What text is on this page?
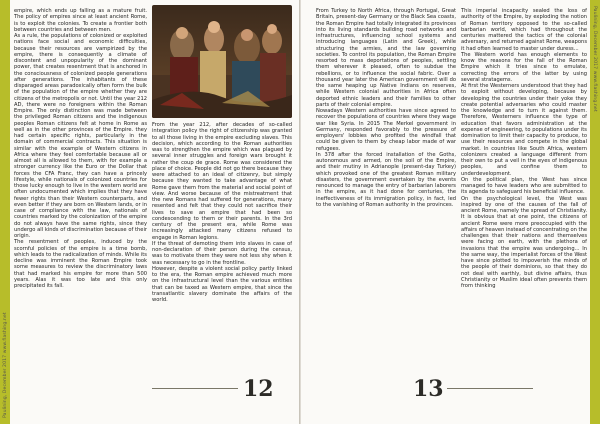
Paulining, December 2017 www.flashing.net

empire, which ends up falling as a mature fruit. The policy of empires since at least ancient Rome, is to exploit the colonies. To create a frontier both between countries and between men.

As a rule, the populations of colonized or exploited nations face social and economic difficulties, because their resources are vampirized by the empire, there is consequently a climate of discontent and unpopularity of the dominant power, that creates resentment that is anchored in the consciousness of colonized people generations after generations. The inhabitants of these disparaged areas paradoxically often form the bulk of the population of the empire whether they are citizens of the metropolis or not. Until the year 212 AD, there were no foreigners within the Roman Empire. The only distinction was made between the privileged Roman citizens and the indigenous peoples Roman citizens felt at home in Rome as well as in the other provinces of the Empire. they had certain specific rights, particularly in the domain of commercial contracts. This situation is similar with the example of Western citizens in Africa where they feel comfortable because all or almost all is allowed to them, with for example a stronger currency like the Euro or the Dollar that forces the CFA Franc, they can have a princely lifestyle, while nationals of colonized countries for those lucky enough to live in the western world are often undocumented which implies that they have fewer rights than their Western counterparts, and even better if they are born on Western lands, or in case of compliance with the law, nationals of countries marked by the colonization of the empire do not always have the same rights, since they undergo all kinds of discrimination because of their origin.

The resentment of peoples, induced by the scornful policies of the empire is a time bomb, which leads to the radicalization of minds. While its decline was imminent the Roman Empire took some measures to review the discriminatory laws that had marked his empire for more than 500 years. Alas it was too late and this only precipitated its fall.

From the year 212, after decades of so-called integration policy the right of citizenship was granted to all those living in the empire excluding slaves. This decision, which according to the Roman authorities was to strengthen the empire which was plagued by several inner struggles and foreign wars brought it rather the coup de grace. Rome was considered the place of choice. People did not go there because they were attached to an ideal of citizenry, but simply because they wanted to take advantage of what Rome gave them from the material and social point of view. And worse because of the mistreatment that the new Romans had suffered for generations, many resented and felt that they could not sacrifice their lives to save an empire that had been so condescending to them or their parents. In the 3rd century of the present era, while Rome was increasingly attacked many citizens refused to engage in Roman legions.

If the threat of demoting them into slaves in case of non-declaration of their person during the census, was to motivate them they were not less shy when it was necessary to go in the frontline.

However, despite a violent social policy partly linked to the era, the Roman empire achieved much more on the infrastructural level than the various entities that can be taxed as Western empire, that since the transatlantic slavery dominate the affairs of the world.

12
Paulining, December 2017 www.flashing.net

From Turkey to North Africa, through Portugal, Great Britain, present-day Germany or the Black Sea coasts, the Roman Empire had totally integrated its provinces into its living standards building road networks and infrastructures, influencing school systems and introducing languages (Latin and Greek), while structuring the armies, and the law governing societies. To control its population, the Roman Empire resorted to mass deportations of peoples, settling them wherever it pleased, often to subdue the rebellions, or to influence the social fabric. Over a thousand year later the American government will do the same heaping up Native Indians on reserves, while Western colonial authorities in Africa often deported ethnic leaders and their families to other parts of their colonial empire.

Nowadays Western authorities have since agreed to recover the populations of countries where they wage war like Syria. In 2015 The Merkel government in Germany, responded favorably to the pressure of employers' lobbies who profited the windfall that could be given to them by cheap labor made of war refugees.

In 378 after the forced installation of the Goths, autonomous and armed, on the soil of the Empire, and their mutiny in Adrianople (present-day Turkey) which provoked one of the greatest Roman military disasters, the government overtaken by the events renounced to manage the entry of barbarian laborers in the empire, as it had done for centuries, the ineffectiveness of its immigration policy, in fact, led to the vanishing of Roman authority in the provinces.

This imperial incapacity sealed the loss of authority of the Empire, by exploding the notion of Roman territory opposed to the so-called barbarian world, which had throughout the centuries mattered the tactics of the colonial adversary, and returned against Rome, weapons it had often learned to master under duress...

The Western world has enough elements to know the reasons for the fall of the Roman Empire which it tries since to emulate, correcting the errors of the latter by using several stratagems.

At first the Westerners understood that they had to exploit without developing, because by developing the countries under their yoke they create potential adversaries who could master the knowledge and to turn it against them. Therefore, Westerners influence the type of education that favors administration at the expense of engineering, to populations under its domination to limit their capacity to produce, to use their resources and compete in the global market. In countries like South Africa, western colonizers created a language different from their own to put a veil in the eyes of indigenous peoples, and confine them to underdevelopment.

On the political plan, the West has since managed to have leaders who are submitted to its agenda to safeguard his beneficial influence.

On the psychological level, the West was inspired by one of the causes of the fall of ancient Rome, namely the spread of Christianity. It is obvious that at one point, the citizens of ancient Rome were more preoccupied with the affairs of heaven instead of concentrating on the challenges that their nations and themselves were facing on earth, with the plethora of invasions that the empire was undergoing... In the same way, the imperialist forces of the West have since plotted to impoverish the minds of the people of their dominions, so that they do not deal with earthly, but divine affairs, thus Christianity or Muslim ideal often prevents them from thinking

13
